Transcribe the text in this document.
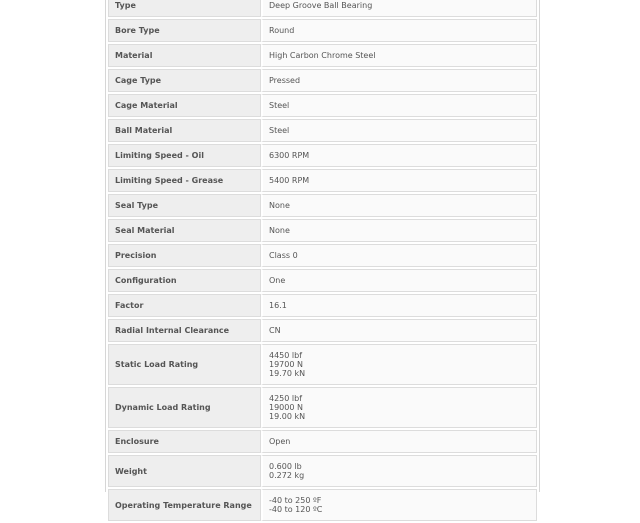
Type	Deep Groove Ball Bearing

Bore Type	Round

Material	High Carbon Chrome Steel

Cage Type	Pressed

Cage Material	Steel

Ball Material	Steel

Limiting Speed - Oil	6300 RPM

Limiting Speed - Grease	5400 RPM

Seal Type	None

Seal Material	None

Precision	Class 0

Configuration	One

Factor	16.1

Radial Internal Clearance	CN

Static Load Rating	4450 lbf
19700 N
19.70 kN

Dynamic Load Rating	4250 lbf
19000 N
19.00 kN

Enclosure	Open

Weight	0.600 lb
0.272 kg

Operating Temperature Range	-40 to 250 ºF
-40 to 120 ºC
